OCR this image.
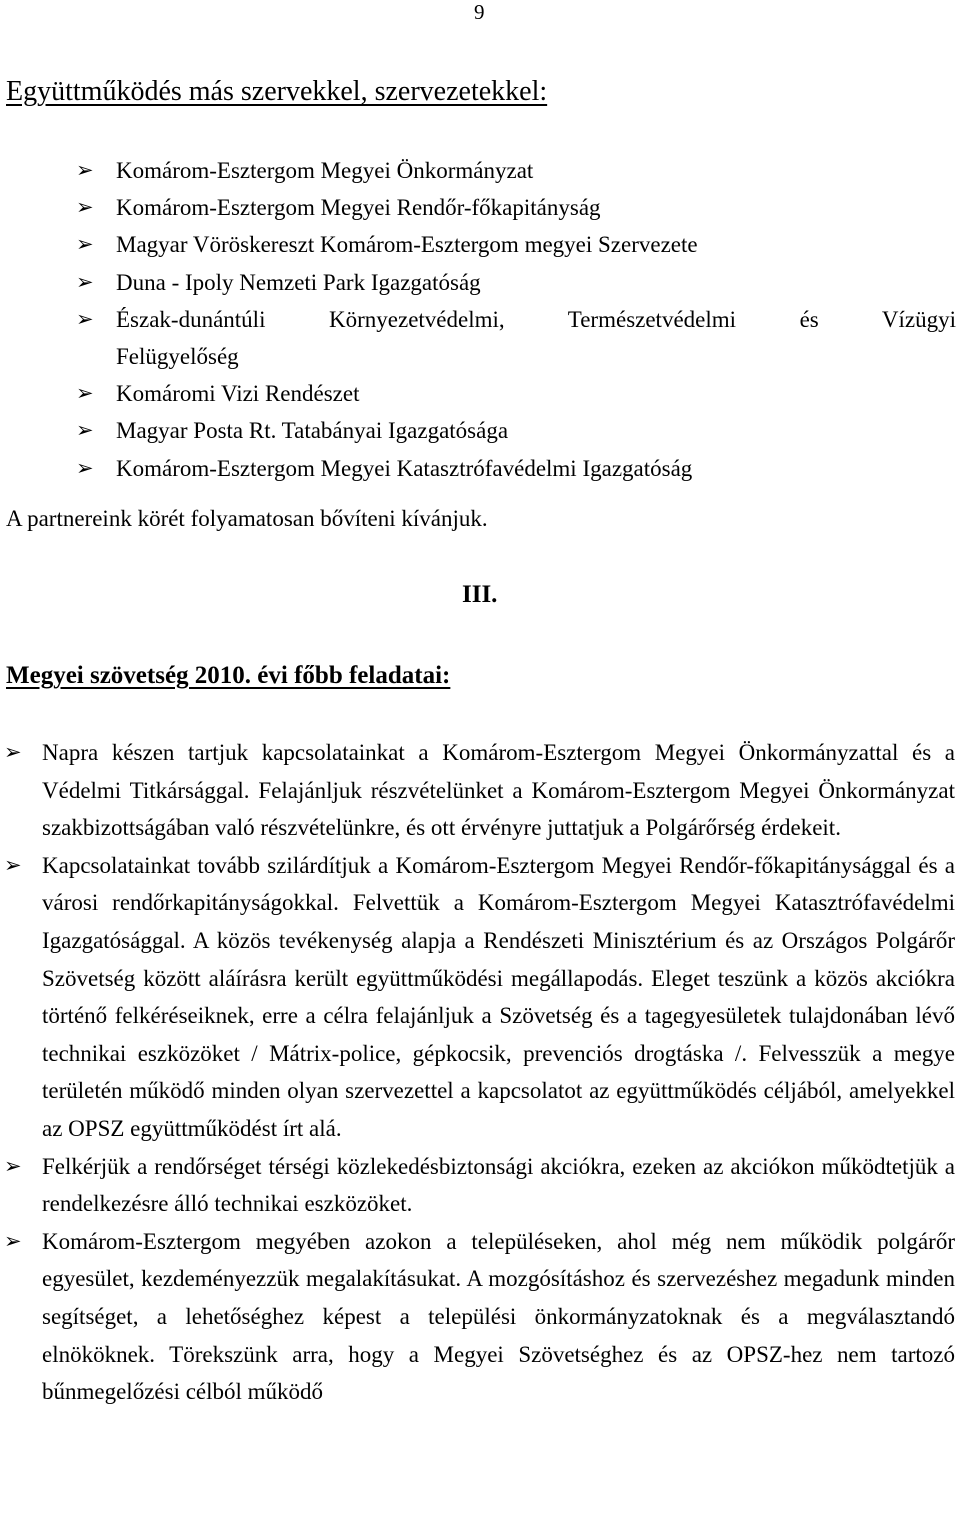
9
Együttműködés más szervekkel, szervezetekkel:
➢ Komárom-Esztergom Megyei Önkormányzat
➢ Komárom-Esztergom Megyei Rendőr-főkapitányság
➢ Magyar Vöröskereszt Komárom-Esztergom megyei Szervezete
➢ Duna - Ipoly Nemzeti Park Igazgatóság
➢ Észak-dunántúli Környezetvédelmi, Természetvédelmi és Vízügyi
Felügyelőség
➢ Komáromi Vizi Rendészet
➢ Magyar Posta Rt. Tatabányai Igazgatósága
➢ Komárom-Esztergom Megyei Katasztrófavédelmi Igazgatóság
A partnereink körét folyamatosan bővíteni kívánjuk.
III.
Megyei szövetség 2010. évi főbb feladatai:
➢ Napra készen tartjuk kapcsolatainkat a Komárom-Esztergom Megyei Önkormányzattal és a Védelmi Titkársággal. Felajánljuk részvételünket a Komárom-Esztergom Megyei Önkormányzat szakbizottságában való részvételünkre, és ott érvényre juttatjuk a Polgárőrség érdekeit.
➢ Kapcsolatainkat tovább szilárdítjuk a Komárom-Esztergom Megyei Rendőr-főkapitánysággal és a városi rendőrkapitányságokkal. Felvettük a Komárom-Esztergom Megyei Katasztrófavédelmi Igazgatósággal. A közös tevékenység alapja a Rendészeti Minisztérium és az Országos Polgárőr Szövetség között aláírásra került együttműködési megállapodás. Eleget teszünk a közös akciókra történő felkéréseiknek, erre a célra felajánljuk a Szövetség és a tagegyesületek tulajdonában lévő technikai eszközöket / Mátrix-police, gépkocsik, prevenciós drogtáska /. Felvesszük a megye területén működő minden olyan szervezettel a kapcsolatot az együttműködés céljából, amelyekkel az OPSZ együttműködést írt alá.
➢ Felkérjük a rendőrséget térségi közlekedésbiztonsági akciókra, ezeken az akciókon működtetjük a rendelkezésre álló technikai eszközöket.
➢ Komárom-Esztergom megyében azokon a településeken, ahol még nem működik polgárőr egyesület, kezdeményezzük megalakításukat. A mozgósításhoz és szervezéshez megadunk minden segítséget, a lehetőséghez képest a települési önkormányzatoknak és a megválasztandó elnököknek. Törekszünk arra, hogy a Megyei Szövetséghez és az OPSZ-hez nem tartozó bűnmegelőzési célból működő
